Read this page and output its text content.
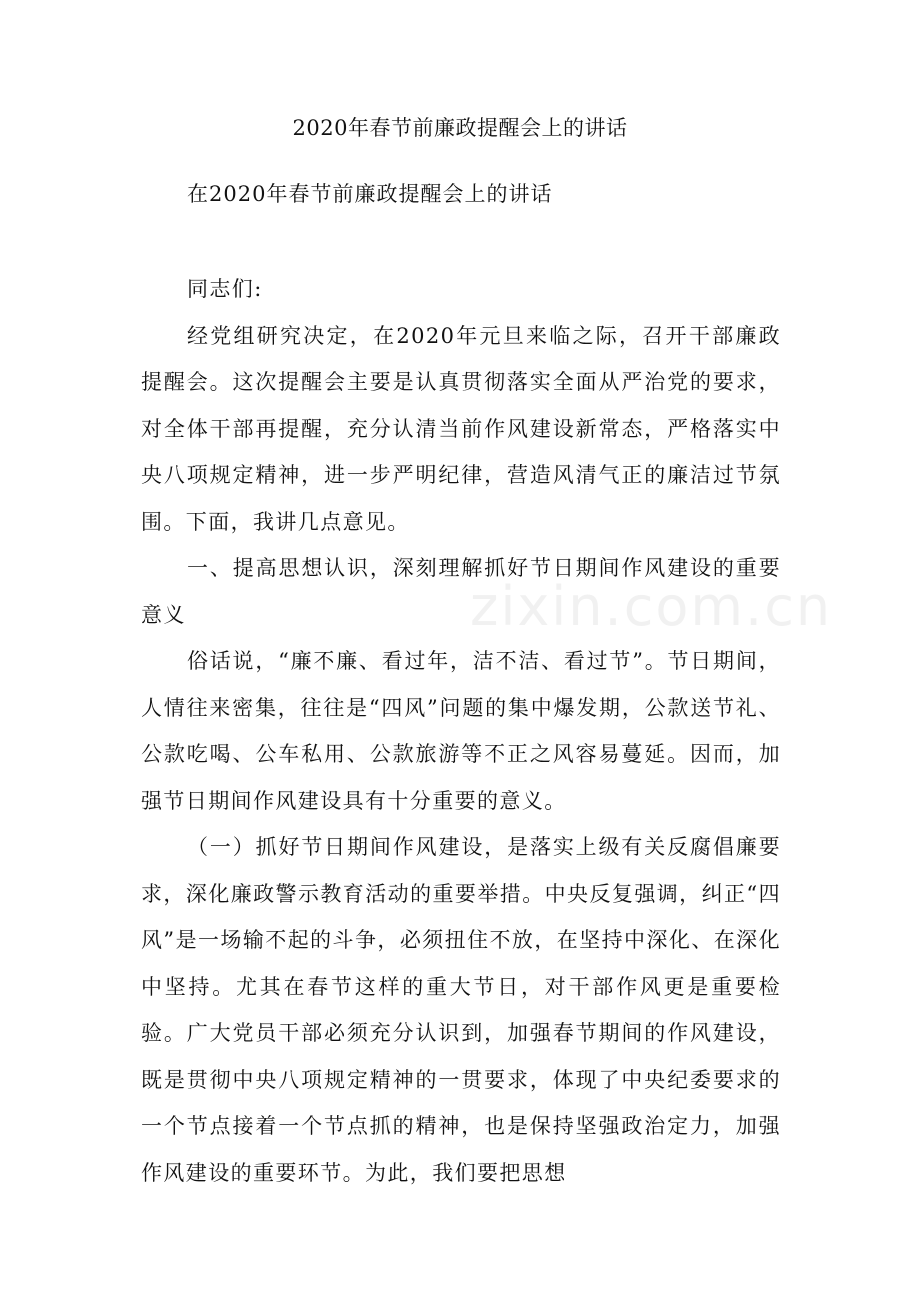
2020年春节前廉政提醒会上的讲话

在2020年春节前廉政提醒会上的讲话

同志们:

经党组研究决定，在2020年元旦来临之际，召开干部廉政提醒会。这次提醒会主要是认真贯彻落实全面从严治党的要求，对全体干部再提醒，充分认清当前作风建设新常态，严格落实中央八项规定精神，进一步严明纪律，营造风清气正的廉洁过节氛围。下面，我讲几点意见。

一、提高思想认识，深刻理解抓好节日期间作风建设的重要意义

俗话说，“廉不廉、看过年，洁不洁、看过节”。节日期间，人情往来密集，往往是“四风”问题的集中爆发期，公款送节礼、公款吃喝、公车私用、公款旅游等不正之风容易蔓延。因而，加强节日期间作风建设具有十分重要的意义。

（一）抓好节日期间作风建设，是落实上级有关反腐倡廉要求，深化廉政警示教育活动的重要举措。中央反复强调，纠正“四风”是一场输不起的斗争，必须扭住不放，在坚持中深化、在深化中坚持。尤其在春节这样的重大节日，对干部作风更是重要检验。广大党员干部必须充分认识到，加强春节期间的作风建设，既是贯彻中央八项规定精神的一贯要求，体现了中央纪委要求的一个节点接着一个节点抓的精神，也是保持坚强政治定力，加强作风建设的重要环节。为此，我们要把思想

zixin.com.cn
